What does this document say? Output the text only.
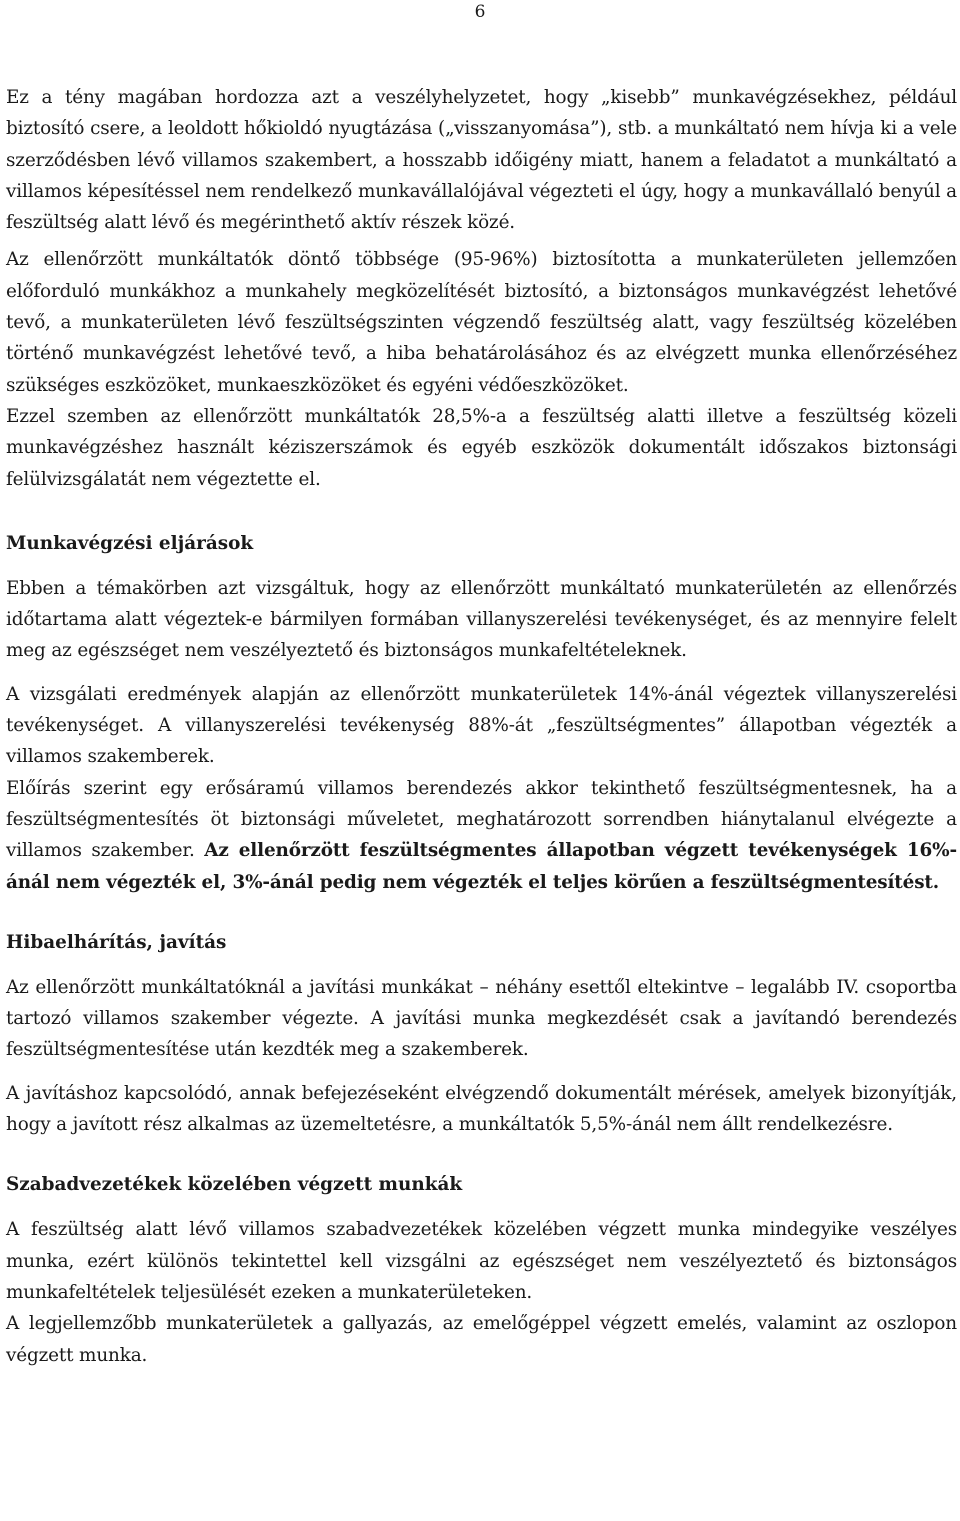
6

Ez a tény magában hordozza azt a veszélyhelyzetet, hogy „kisebb” munkavégzésekhez, például biztosító csere, a leoldott hőkioldó nyugtázása („visszanyomása”), stb. a munkáltató nem hívja ki a vele szerződésben lévő villamos szakembert, a hosszabb időigény miatt, hanem a feladatot a munkáltató a villamos képesítéssel nem rendelkező munkavállalójával végezteti el úgy, hogy a munkavállaló benyúl a feszültség alatt lévő és megérinthető aktív részek közé.

Az ellenőrzött munkáltatók döntő többsége (95-96%) biztosította a munkaterületen jellemzően előforduló munkákhoz a munkahely megközelítését biztosító, a biztonságos munkavégzést lehetővé tevő, a munkaterületen lévő feszültségszinten végzendő feszültség alatt, vagy feszültség közelében történő munkavégzést lehetővé tevő, a hiba behatárolásához és az elvégzett munka ellenőrzéséhez szükséges eszközöket, munkaeszközöket és egyéni védőeszközöket.

Ezzel szemben az ellenőrzött munkáltatók 28,5%-a a feszültség alatti illetve a feszültség közeli munkavégzéshez használt kéziszerszámok és egyéb eszközök dokumentált időszakos biztonsági felülvizsgálatát nem végeztette el.

Munkavégzési eljárások

Ebben a témakörben azt vizsgáltuk, hogy az ellenőrzött munkáltató munkaterületén az ellenőrzés időtartama alatt végeztek-e bármilyen formában villanyszerelési tevékenységet, és az mennyire felelt meg az egészséget nem veszélyeztető és biztonságos munkafeltételeknek.

A vizsgálati eredmények alapján az ellenőrzött munkaterületek 14%-ánál végeztek villanyszerelési tevékenységet. A villanyszerelési tevékenység 88%-át „feszültségmentes” állapotban végezték a villamos szakemberek.

Előírás szerint egy erősáramú villamos berendezés akkor tekinthető feszültségmentesnek, ha a feszültségmentesítés öt biztonsági műveletet, meghatározott sorrendben hiánytalanul elvégezte a villamos szakember. Az ellenőrzött feszültségmentes állapotban végzett tevékenységek 16%-ánál nem végezték el, 3%-ánál pedig nem végezték el teljes körűen a feszültségmentesítést.

Hibaelhárítás, javítás

Az ellenőrzött munkáltatóknál a javítási munkákat – néhány esettől eltekintve – legalább IV. csoportba tartozó villamos szakember végezte. A javítási munka megkezdését csak a javítandó berendezés feszültségmentesítése után kezdték meg a szakemberek.

A javításhoz kapcsolódó, annak befejezéseként elvégzendő dokumentált mérések, amelyek bizonyítják, hogy a javított rész alkalmas az üzemeltetésre, a munkáltatók 5,5%-ánál nem állt rendelkezésre.

Szabadvezetékek közelében végzett munkák

A feszültség alatt lévő villamos szabadvezetékek közelében végzett munka mindegyike veszélyes munka, ezért különös tekintettel kell vizsgálni az egészséget nem veszélyeztető és biztonságos munkafeltételek teljesülését ezeken a munkaterületeken.

A legjellemzőbb munkaterületek a gallyazás, az emelőgéppel végzett emelés, valamint az oszlopon végzett munka.
